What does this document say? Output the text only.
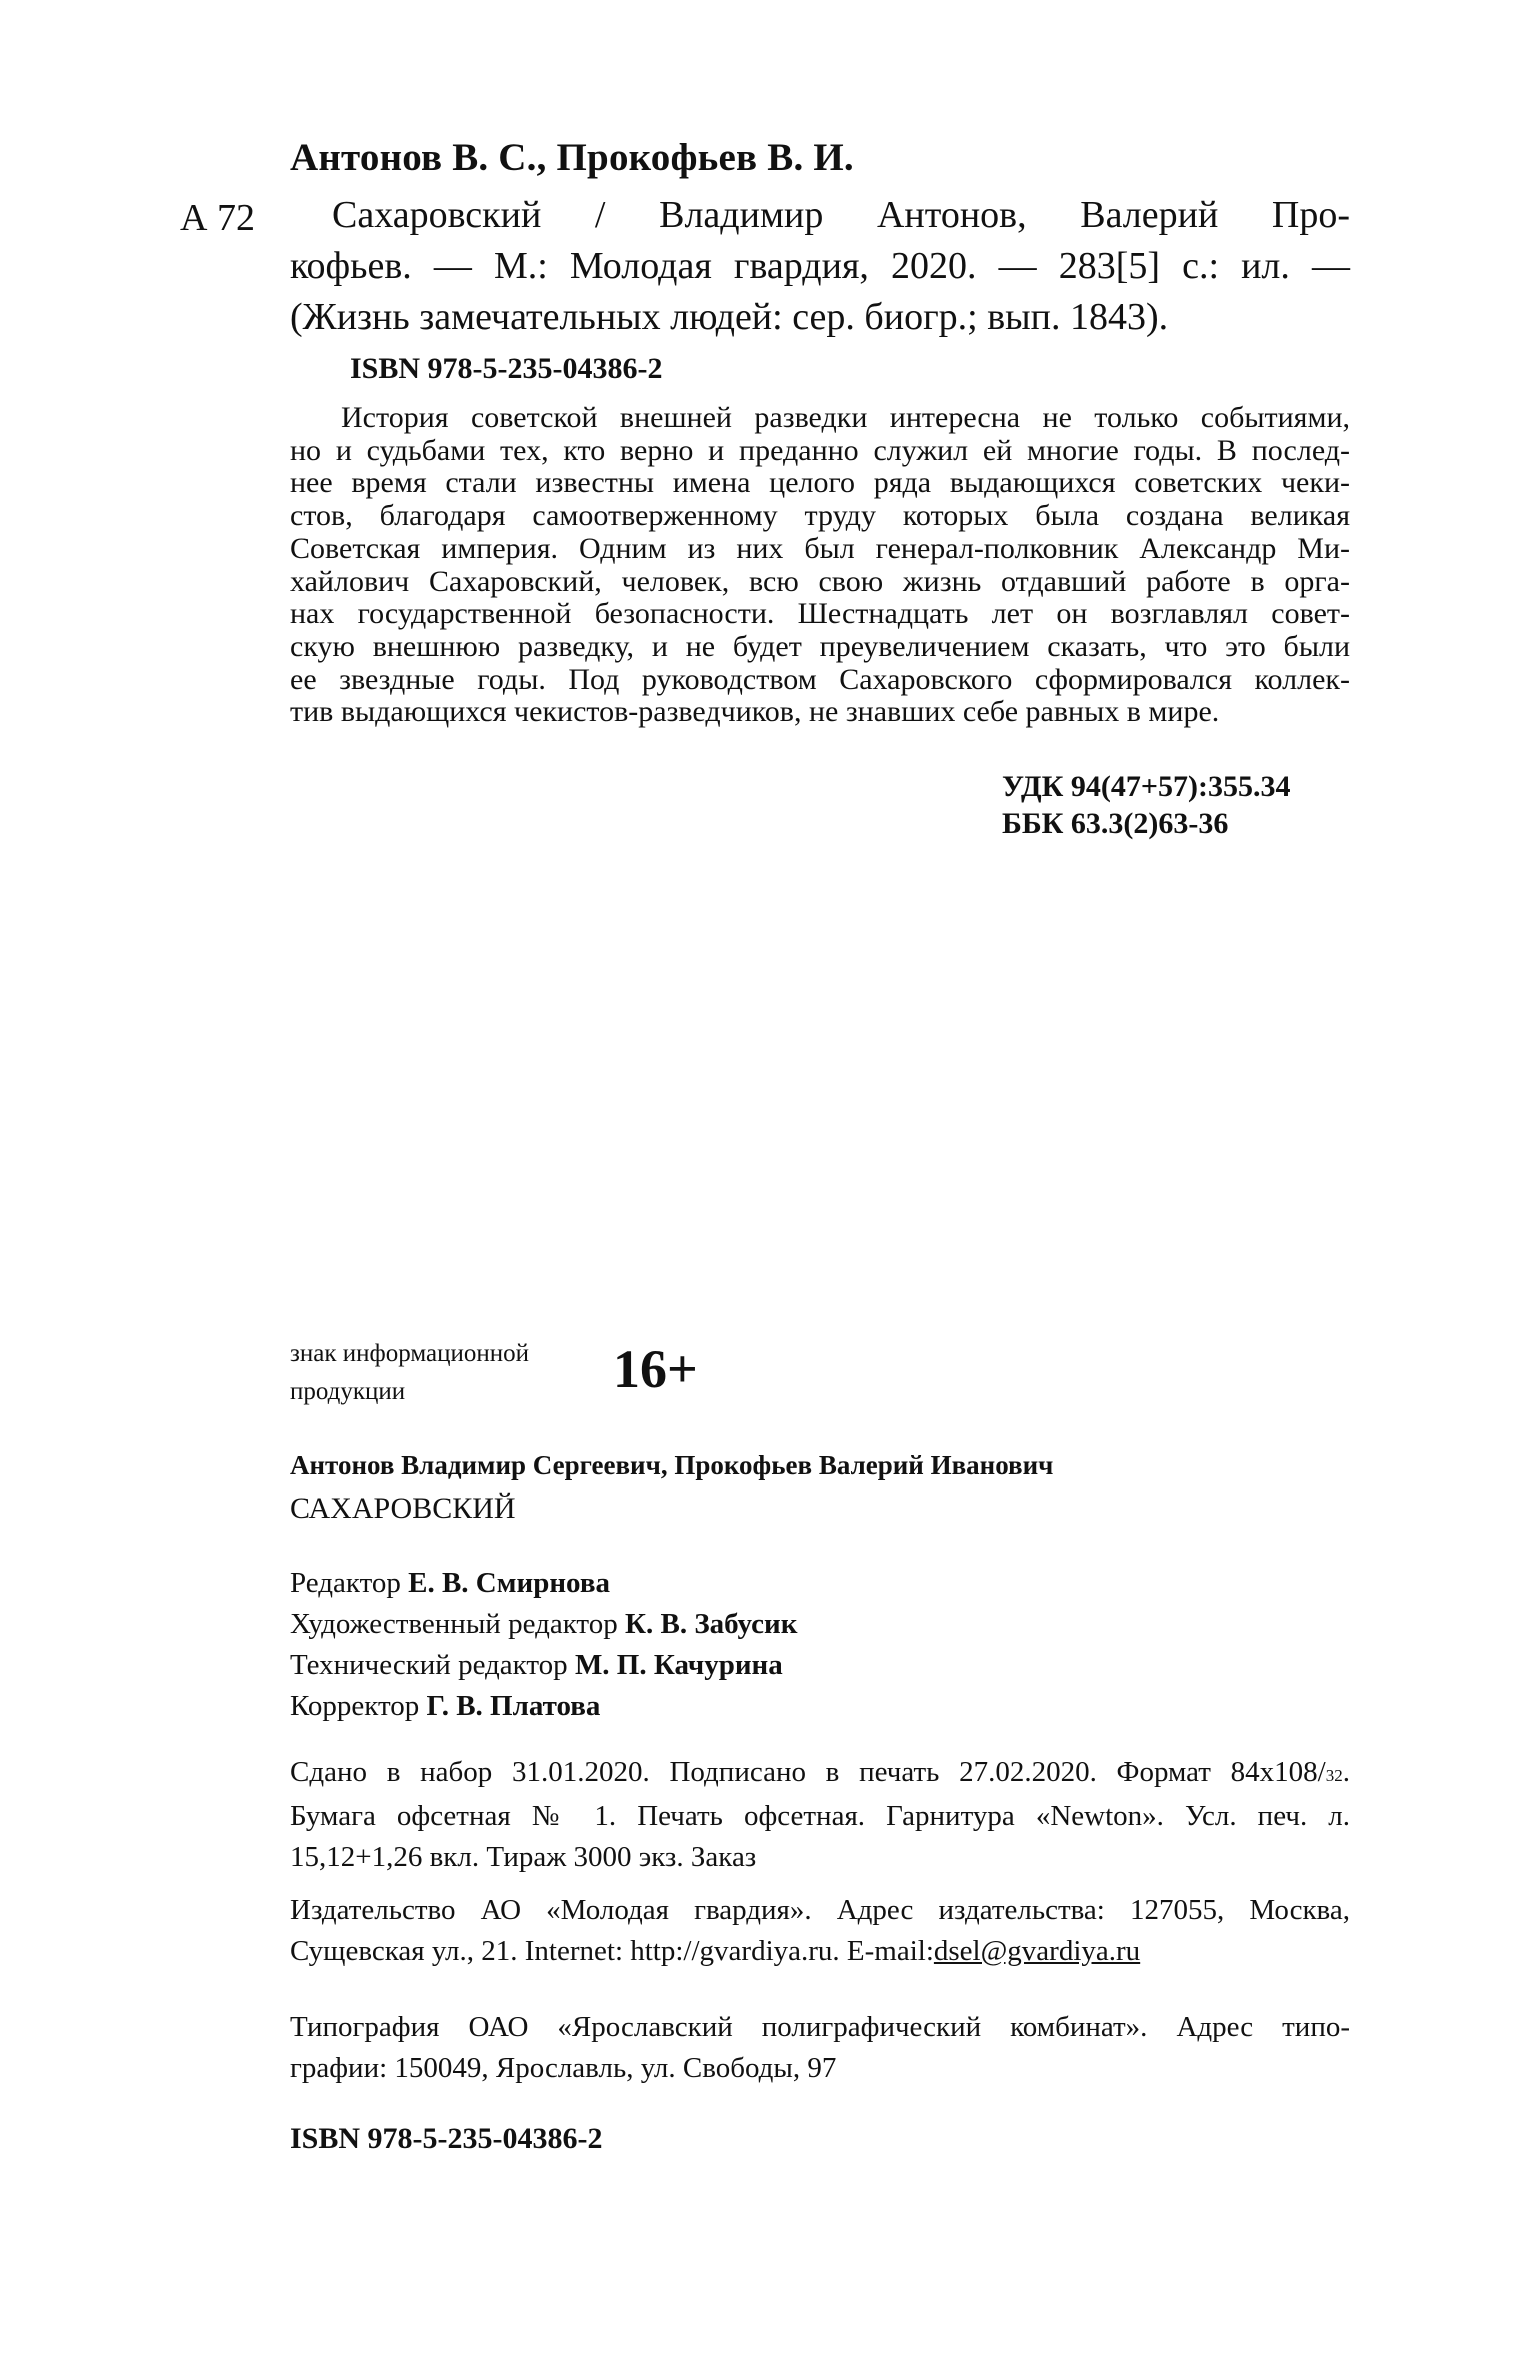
Антонов В. С., Прокофьев В. И.
А 72	Сахаровский / Владимир Антонов, Валерий Про-
кофьев. — М.: Молодая гвардия, 2020. — 283[5] с.: ил. —
(Жизнь замечательных людей: сер. биогр.; вып. 1843).
ISBN 978-5-235-04386-2
История советской внешней разведки интересна не только событиями,
но и судьбами тех, кто верно и преданно служил ей многие годы. В послед-
нее время стали известны имена целого ряда выдающихся советских чеки-
стов, благодаря самоотверженному труду которых была создана великая
Советская империя. Одним из них был генерал-полковник Александр Ми-
хайлович Сахаровский, человек, всю свою жизнь отдавший работе в орга-
нах государственной безопасности. Шестнадцать лет он возглавлял совет-
скую внешнюю разведку, и не будет преувеличением сказать, что это были
ее звездные годы. Под руководством Сахаровского сформировался коллек-
тив выдающихся чекистов-разведчиков, не знавших себе равных в мире.
УДК 94(47+57):355.34
ББК 63.3(2)63-36
знак информационной
продукции	16+
Антонов Владимир Сергеевич, Прокофьев Валерий Иванович
САХАРОВСКИЙ
Редактор Е. В. Смирнова
Художественный редактор К. В. Забусик
Технический редактор М. П. Качурина
Корректор Г. В. Платова
Сдано в набор 31.01.2020. Подписано в печать 27.02.2020. Формат 84x108/32.
Бумага офсетная № 1. Печать офсетная. Гарнитура «Newton». Усл. печ. л.
15,12+1,26 вкл. Тираж 3000 экз. Заказ
Издательство АО «Молодая гвардия». Адрес издательства: 127055, Москва,
Сущевская ул., 21. Internet: http://gvardiya.ru. E-mail:dsel@gvardiya.ru
Типография ОАО «Ярославский полиграфический комбинат». Адрес типо-
графии: 150049, Ярославль, ул. Свободы, 97
ISBN 978-5-235-04386-2
